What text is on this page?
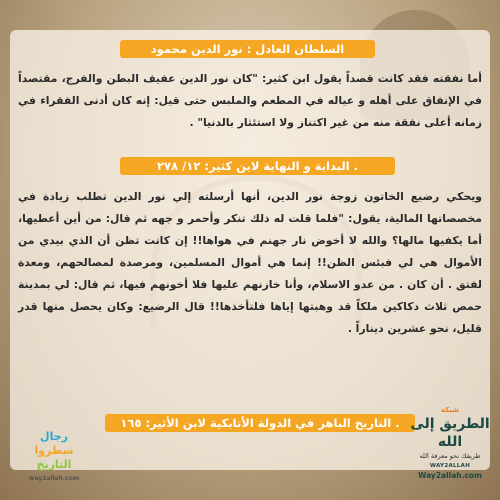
السلطان العادل : نور الدين محمود
أما نفقته فقد كانت قصداً يقول ابن كثير: "كان نور الدين عفيف البطن والفرج، مقتصداً في الإنفاق على أهله و عياله في المطعم والملبس حتى قيل: إنه كان أدنى الفقراء في زمانه أعلى نفقة منه من غير اكتناز ولا استئثار بالدنيا" .
البداية و النهاية لابن كثير: ١٢/ ٢٧٨ .
ويحكي رضيع الخاتون زوجة نور الدين، أنها أرسلته إلي نور الدين تطلب زيادة في مخصصاتها المالية، يقول: "فلما قلت له ذلك تنكر وأحمر و جهه ثم قال: من أين أعطيها، أما يكفيها مالها؟ والله لا أخوض نار جهنم في هواها!! إن كانت تظن أن الذي بيدي من الأموال هي لي فبئس الظن!! إنما هي أموال المسلمين، ومرصدة لمصالحهم، ومعدة لفتق . أن كان . من عدو الاسلام، وأنا خازنهم عليها فلا أخونهم فيها، ثم قال: لي بمدينة حمص ثلاث دكاكين ملكاً قد وهبتها إياها فلتأخذها!! قال الرضيع: وكان يحصل منها قدر قليل، نحو عشرين ديناراً .
التاريخ الباهر في الدولة الأتابكية لابن الأثير: ١٦٥ .
رجال
سطروا
التاريخ
way2allah.com
شبكة
الطريق إلى الله
طريقك نحو معرفة الله
WAY2ALLAH
Way2allah.com
